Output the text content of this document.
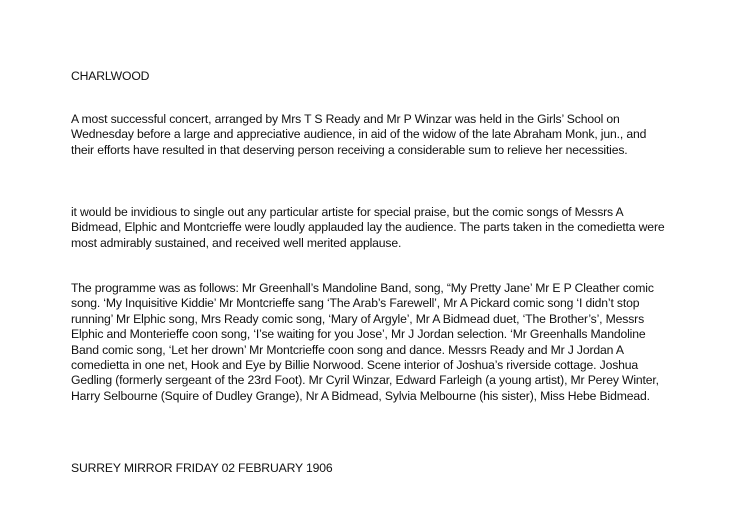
CHARLWOOD

A most successful concert, arranged by Mrs T S Ready and Mr P Winzar was held in the Girls’ School on Wednesday before a large and appreciative audience, in aid of the widow of the late Abraham Monk, jun., and their efforts have resulted in that deserving person receiving a considerable sum to relieve her necessities.

it would be invidious to single out any particular artiste for special praise, but the comic songs of Messrs A Bidmead, Elphic and Montcrieffe were loudly applauded lay the audience. The parts taken in the comedietta were most admirably sustained, and received well merited applause.

The programme was as follows: Mr Greenhall’s Mandoline Band, song, “My Pretty Jane’ Mr E P Cleather comic song. ‘My Inquisitive Kiddie’ Mr Montcrieffe sang ‘The Arab’s Farewell’, Mr A Pickard comic song ‘I didn’t stop running’ Mr Elphic song, Mrs Ready comic song, ‘Mary of Argyle’, Mr A Bidmead duet, ‘The Brother’s’, Messrs Elphic and Monterieffe coon song, ‘I’se waiting for you Jose’, Mr J Jordan selection. ‘Mr Greenhalls Mandoline Band comic song, ‘Let her drown’ Mr Montcrieffe coon song and dance. Messrs Ready and Mr J Jordan A comedietta in one net, Hook and Eye by Billie Norwood. Scene interior of Joshua’s riverside cottage. Joshua Gedling (formerly sergeant of the 23rd Foot). Mr Cyril Winzar, Edward Farleigh (a young artist), Mr Perey Winter, Harry Selbourne (Squire of Dudley Grange), Nr A Bidmead, Sylvia Melbourne (his sister), Miss Hebe Bidmead.

SURREY MIRROR FRIDAY 02 FEBRUARY 1906
